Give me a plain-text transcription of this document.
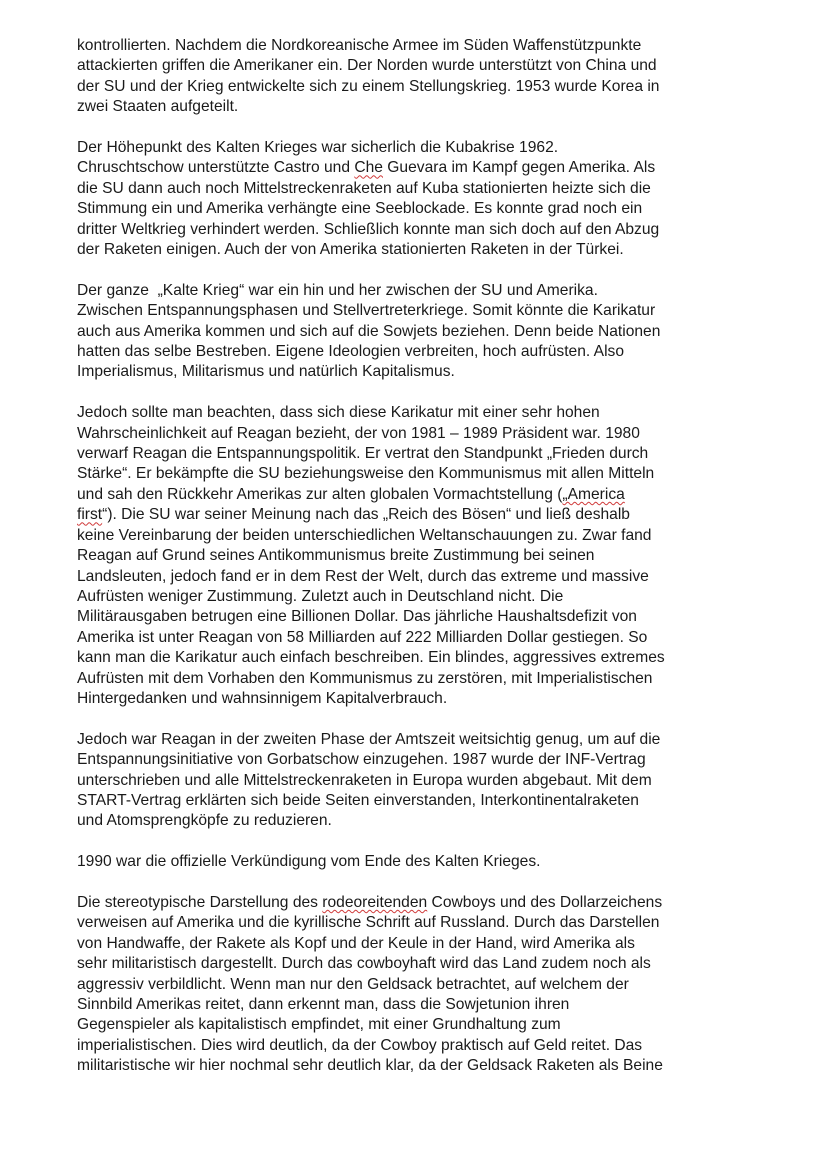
kontrollierten. Nachdem die Nordkoreanische Armee im Süden Waffenstützpunkte
attackierten griffen die Amerikaner ein. Der Norden wurde unterstützt von China und
der SU und der Krieg entwickelte sich zu einem Stellungskrieg. 1953 wurde Korea in
zwei Staaten aufgeteilt.
Der Höhepunkt des Kalten Krieges war sicherlich die Kubakrise 1962.
Chruschtschow unterstützte Castro und Che Guevara im Kampf gegen Amerika. Als
die SU dann auch noch Mittelstreckenraketen auf Kuba stationierten heizte sich die
Stimmung ein und Amerika verhängte eine Seeblockade. Es konnte grad noch ein
dritter Weltkrieg verhindert werden. Schließlich konnte man sich doch auf den Abzug
der Raketen einigen. Auch der von Amerika stationierten Raketen in der Türkei.
Der ganze  „Kalte Krieg“ war ein hin und her zwischen der SU und Amerika.
Zwischen Entspannungsphasen und Stellvertreterkriege. Somit könnte die Karikatur
auch aus Amerika kommen und sich auf die Sowjets beziehen. Denn beide Nationen
hatten das selbe Bestreben. Eigene Ideologien verbreiten, hoch aufrüsten. Also
Imperialismus, Militarismus und natürlich Kapitalismus.
Jedoch sollte man beachten, dass sich diese Karikatur mit einer sehr hohen
Wahrscheinlichkeit auf Reagan bezieht, der von 1981 – 1989 Präsident war. 1980
verwarf Reagan die Entspannungspolitik. Er vertrat den Standpunkt „Frieden durch
Stärke“. Er bekämpfte die SU beziehungsweise den Kommunismus mit allen Mitteln
und sah den Rückkehr Amerikas zur alten globalen Vormachtstellung („America
first“). Die SU war seiner Meinung nach das „Reich des Bösen“ und ließ deshalb
keine Vereinbarung der beiden unterschiedlichen Weltanschauungen zu. Zwar fand
Reagan auf Grund seines Antikommunismus breite Zustimmung bei seinen
Landsleuten, jedoch fand er in dem Rest der Welt, durch das extreme und massive
Aufrüsten weniger Zustimmung. Zuletzt auch in Deutschland nicht. Die
Militärausgaben betrugen eine Billionen Dollar. Das jährliche Haushaltsdefizit von
Amerika ist unter Reagan von 58 Milliarden auf 222 Milliarden Dollar gestiegen. So
kann man die Karikatur auch einfach beschreiben. Ein blindes, aggressives extremes
Aufrüsten mit dem Vorhaben den Kommunismus zu zerstören, mit Imperialistischen
Hintergedanken und wahnsinnigem Kapitalverbrauch.
Jedoch war Reagan in der zweiten Phase der Amtszeit weitsichtig genug, um auf die
Entspannungsinitiative von Gorbatschow einzugehen. 1987 wurde der INF-Vertrag
unterschrieben und alle Mittelstreckenraketen in Europa wurden abgebaut. Mit dem
START-Vertrag erklärten sich beide Seiten einverstanden, Interkontinentalraketen
und Atomsprengköpfe zu reduzieren.
1990 war die offizielle Verkündigung vom Ende des Kalten Krieges.
Die stereotypische Darstellung des rodeoreitenden Cowboys und des Dollarzeichens
verweisen auf Amerika und die kyrillische Schrift auf Russland. Durch das Darstellen
von Handwaffe, der Rakete als Kopf und der Keule in der Hand, wird Amerika als
sehr militaristisch dargestellt. Durch das cowboyhaft wird das Land zudem noch als
aggressiv verbildlicht. Wenn man nur den Geldsack betrachtet, auf welchem der
Sinnbild Amerikas reitet, dann erkennt man, dass die Sowjetunion ihren
Gegenspieler als kapitalistisch empfindet, mit einer Grundhaltung zum
imperialistischen. Dies wird deutlich, da der Cowboy praktisch auf Geld reitet. Das
militaristische wir hier nochmal sehr deutlich klar, da der Geldsack Raketen als Beine
